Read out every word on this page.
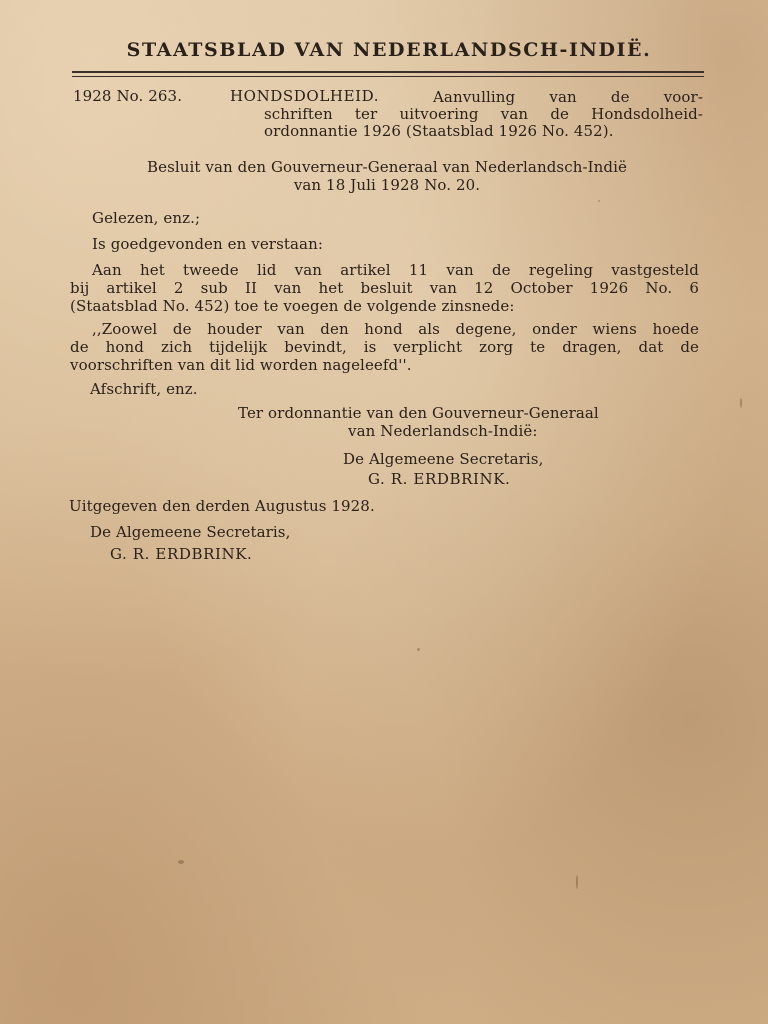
STAATSBLAD VAN NEDERLANDSCH-INDIË.
1928 No. 263.	HONDSDOLHEID.	Aanvulling van de voor-
schriften ter uitvoering van de Hondsdolheid-
ordonnantie 1926 (Staatsblad 1926 No. 452).
Besluit van den Gouverneur-Generaal van Nederlandsch-Indië
van 18 Juli 1928 No. 20.
Gelezen, enz.;
Is goedgevonden en verstaan:
Aan het tweede lid van artikel 11 van de regeling vastgesteld
bij artikel 2 sub II van het besluit van 12 October 1926 No. 6
(Staatsblad No. 452) toe te voegen de volgende zinsnede:
,,Zoowel de houder van den hond als degene, onder wiens hoede
de hond zich tijdelijk bevindt, is verplicht zorg te dragen, dat de
voorschriften van dit lid worden nageleefd''.
Afschrift, enz.
Ter ordonnantie van den Gouverneur-Generaal
van Nederlandsch-Indië:
De Algemeene Secretaris,
G. R. ERDBRINK.
Uitgegeven den derden Augustus 1928.
De Algemeene Secretaris,
G. R. ERDBRINK.
